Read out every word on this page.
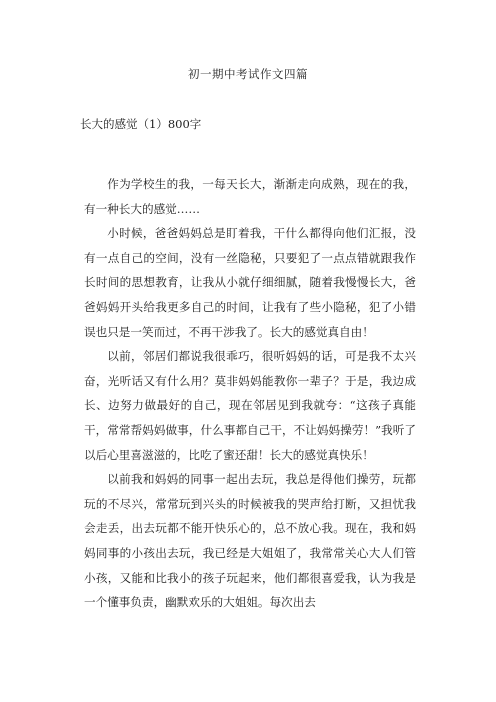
初一期中考试作文四篇
长大的感觉（1）800字

作为学校生的我，一每天长大，渐渐走向成熟，现在的我，有一种长大的感觉……

小时候，爸爸妈妈总是盯着我，干什么都得向他们汇报，没有一点自己的空间，没有一丝隐秘，只要犯了一点点错就跟我作长时间的思想教育，让我从小就仔细细腻，随着我慢慢长大，爸爸妈妈开头给我更多自己的时间，让我有了些小隐秘，犯了小错误也只是一笑而过，不再干涉我了。长大的感觉真自由！

以前，邻居们都说我很乖巧，很听妈妈的话，可是我不太兴奋，光听话又有什么用？莫非妈妈能教你一辈子？于是，我边成长、边努力做最好的自己，现在邻居见到我就夸：“这孩子真能干，常常帮妈妈做事，什么事都自己干，不让妈妈操劳！”我听了以后心里喜滋滋的，比吃了蜜还甜！长大的感觉真快乐！

以前我和妈妈的同事一起出去玩，我总是得他们操劳，玩都玩的不尽兴，常常玩到兴头的时候被我的哭声给打断，又担忧我会走丢，出去玩都不能开快乐心的，总不放心我。现在，我和妈妈同事的小孩出去玩，我已经是大姐姐了，我常常关心大人们管小孩，又能和比我小的孩子玩起来，他们都很喜爱我，认为我是一个懂事负责，幽默欢乐的大姐姐。每次出去
